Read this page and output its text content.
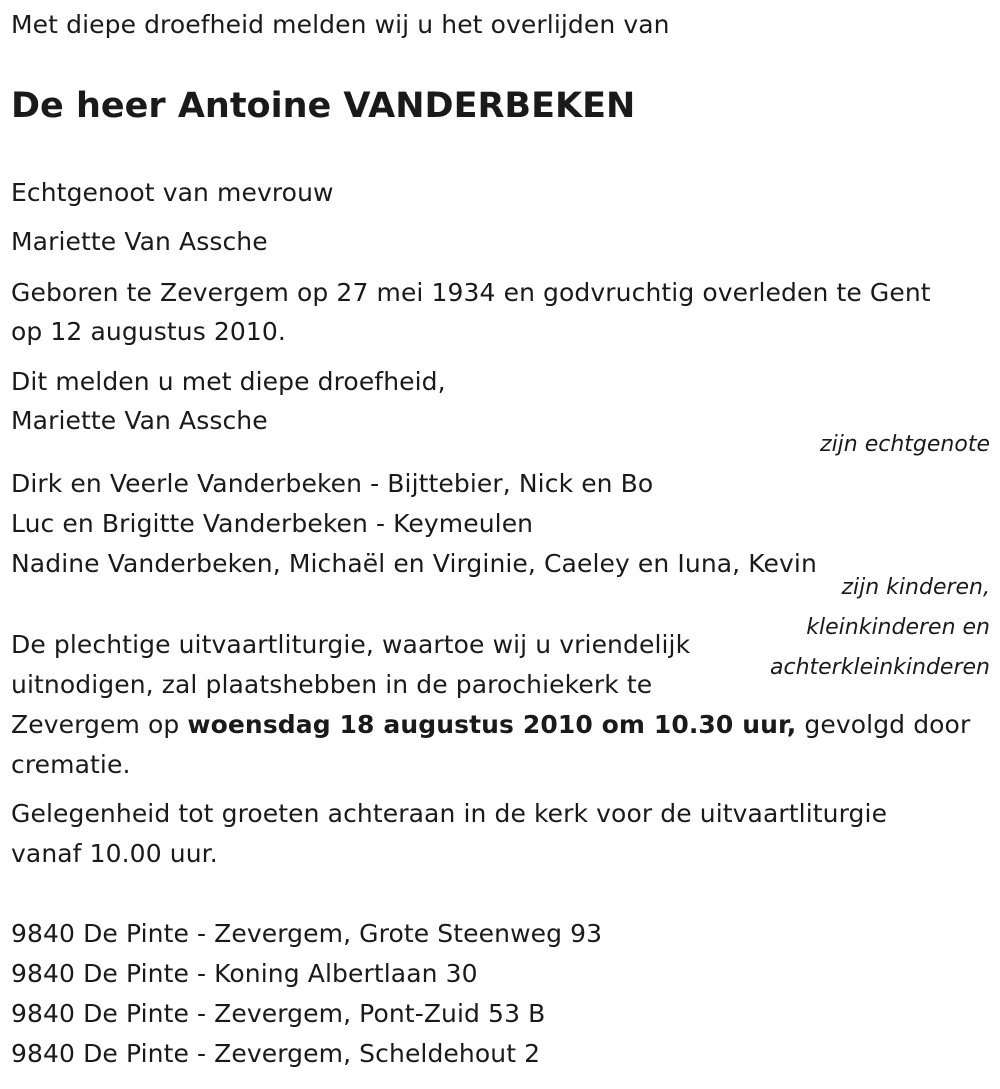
Met diepe droefheid melden wij u het overlijden van
De heer Antoine VANDERBEKEN
Echtgenoot van mevrouw
Mariette Van Assche
Geboren te Zevergem op 27 mei 1934 en godvruchtig overleden te Gent
op 12 augustus 2010.
Dit melden u met diepe droefheid,
Mariette Van Assche
zijn echtgenote
Dirk en Veerle Vanderbeken - Bijttebier, Nick en Bo
Luc en Brigitte Vanderbeken - Keymeulen
Nadine Vanderbeken, Michaël en Virginie, Caeley en Iuna, Kevin
zijn kinderen,
kleinkinderen en
achterkleinkinderen
De plechtige uitvaartliturgie, waartoe wij u vriendelijk
uitnodigen, zal plaatshebben in de parochiekerk te
Zevergem op woensdag 18 augustus 2010 om 10.30 uur, gevolgd door
crematie.
Gelegenheid tot groeten achteraan in de kerk voor de uitvaartliturgie
vanaf 10.00 uur.
9840 De Pinte - Zevergem, Grote Steenweg 93
9840 De Pinte - Koning Albertlaan 30
9840 De Pinte - Zevergem, Pont-Zuid 53 B
9840 De Pinte - Zevergem, Scheldehout 2
